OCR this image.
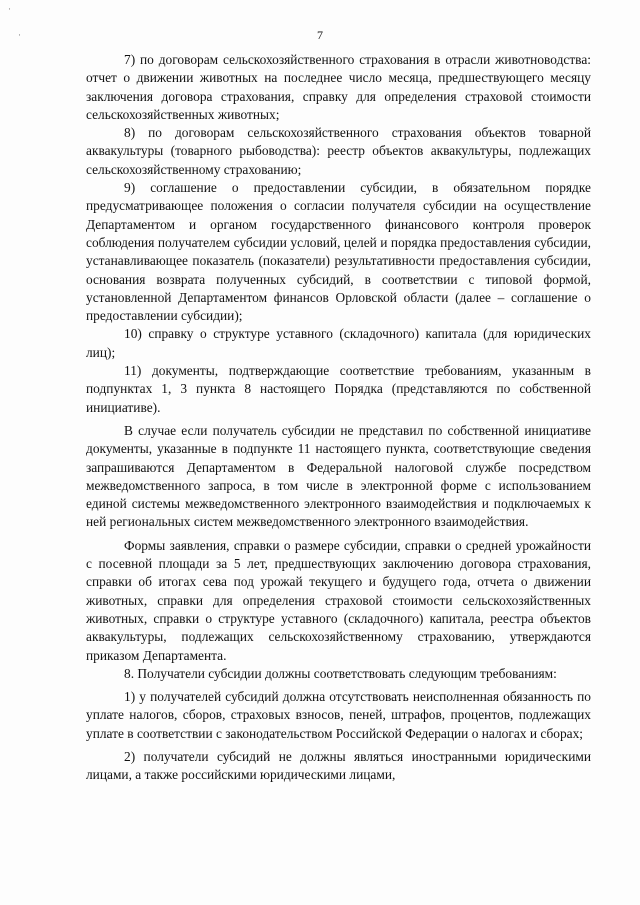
·
·	7

7) по договорам сельскохозяйственного страхования в отрасли животноводства: отчет о движении животных на последнее число месяца, предшествующего месяцу заключения договора страхования, справку для определения страховой стоимости сельскохозяйственных животных;

8) по договорам сельскохозяйственного страхования объектов товарной аквакультуры (товарного рыбоводства): реестр объектов аквакультуры, подлежащих сельскохозяйственному страхованию;

9) соглашение о предоставлении субсидии, в обязательном порядке предусматривающее положения о согласии получателя субсидии на осуществление Департаментом и органом государственного финансового контроля проверок соблюдения получателем субсидии условий, целей и порядка предоставления субсидии, устанавливающее показатель (показатели) результативности предоставления субсидии, основания возврата полученных субсидий, в соответствии с типовой формой, установленной Департаментом финансов Орловской области (далее – соглашение о предоставлении субсидии);

10) справку о структуре уставного (складочного) капитала (для юридических лиц);

11) документы, подтверждающие соответствие требованиям, указанным в подпунктах 1, 3 пункта 8 настоящего Порядка (представляются по собственной инициативе).

В случае если получатель субсидии не представил по собственной инициативе документы, указанные в подпункте 11 настоящего пункта, соответствующие сведения запрашиваются Департаментом в Федеральной налоговой службе посредством межведомственного запроса, в том числе в электронной форме с использованием единой системы межведомственного электронного взаимодействия и подключаемых к ней региональных систем межведомственного электронного взаимодействия.

Формы заявления, справки о размере субсидии, справки о средней урожайности с посевной площади за 5 лет, предшествующих заключению договора страхования, справки об итогах сева под урожай текущего и будущего года, отчета о движении животных, справки для определения страховой стоимости сельскохозяйственных животных, справки о структуре уставного (складочного) капитала, реестра объектов аквакультуры, подлежащих сельскохозяйственному страхованию, утверждаются приказом Департамента.

8. Получатели субсидии должны соответствовать следующим требованиям:

1) у получателей субсидий должна отсутствовать неисполненная обязанность по уплате налогов, сборов, страховых взносов, пеней, штрафов, процентов, подлежащих уплате в соответствии с законодательством Российской Федерации о налогах и сборах;

2) получатели субсидий не должны являться иностранными юридическими лицами, а также российскими юридическими лицами,
